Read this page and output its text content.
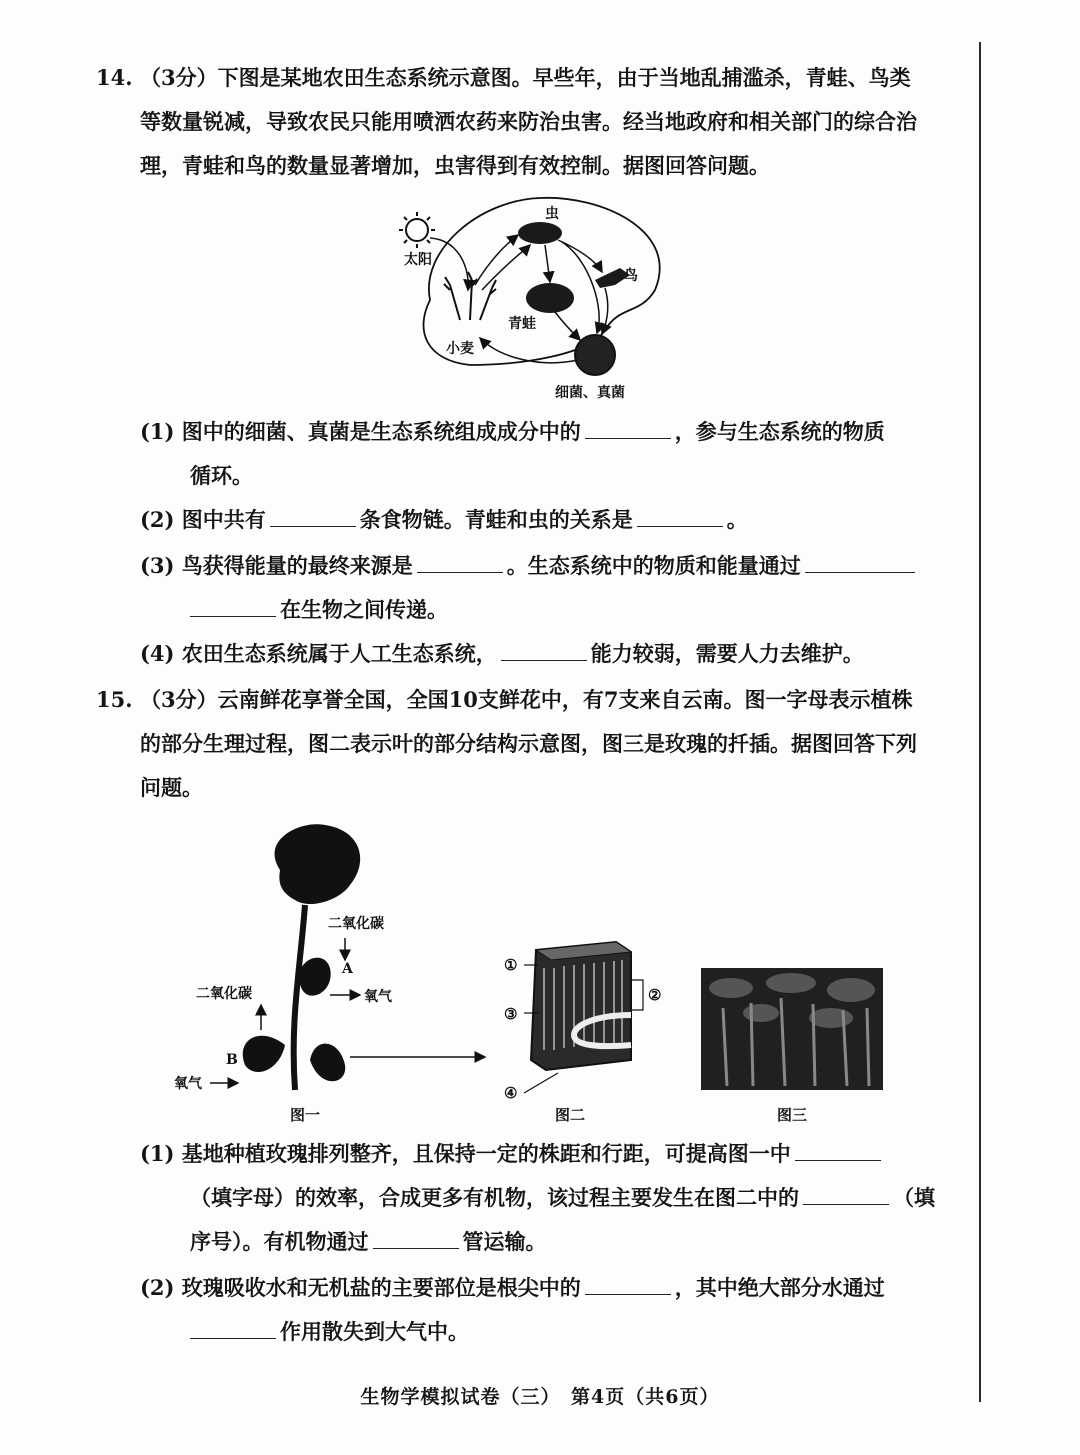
14. （3分）下图是某地农田生态系统示意图。早些年，由于当地乱捕滥杀，青蛙、鸟类
等数量锐减，导致农民只能用喷洒农药来防治虫害。经当地政府和相关部门的综合治
理，青蛙和鸟的数量显著增加，虫害得到有效控制。据图回答问题。
太阳
虫
鸟
青蛙
小麦
细菌、真菌
(1) 图中的细菌、真菌是生态系统组成成分中的	，参与生态系统的物质
循环。
(2) 图中共有	条食物链。青蛙和虫的关系是	。
(3) 鸟获得能量的最终来源是	。生态系统中的物质和能量通过
在生物之间传递。
(4) 农田生态系统属于人工生态系统，	能力较弱，需要人力去维护。
15. （3分）云南鲜花享誉全国，全国10支鲜花中，有7支来自云南。图一字母表示植株
的部分生理过程，图二表示叶的部分结构示意图，图三是玫瑰的扦插。据图回答下列
问题。
二氧化碳
A
氧气
二氧化碳
B
氧气
图一
①
②
③
④
图二	图三
(1) 基地种植玫瑰排列整齐，且保持一定的株距和行距，可提高图一中
（填字母）的效率，合成更多有机物，该过程主要发生在图二中的	（填
序号）。有机物通过	管运输。
(2) 玫瑰吸收水和无机盐的主要部位是根尖中的	，其中绝大部分水通过
作用散失到大气中。
生物学模拟试卷（三）　第4页（共6页）
